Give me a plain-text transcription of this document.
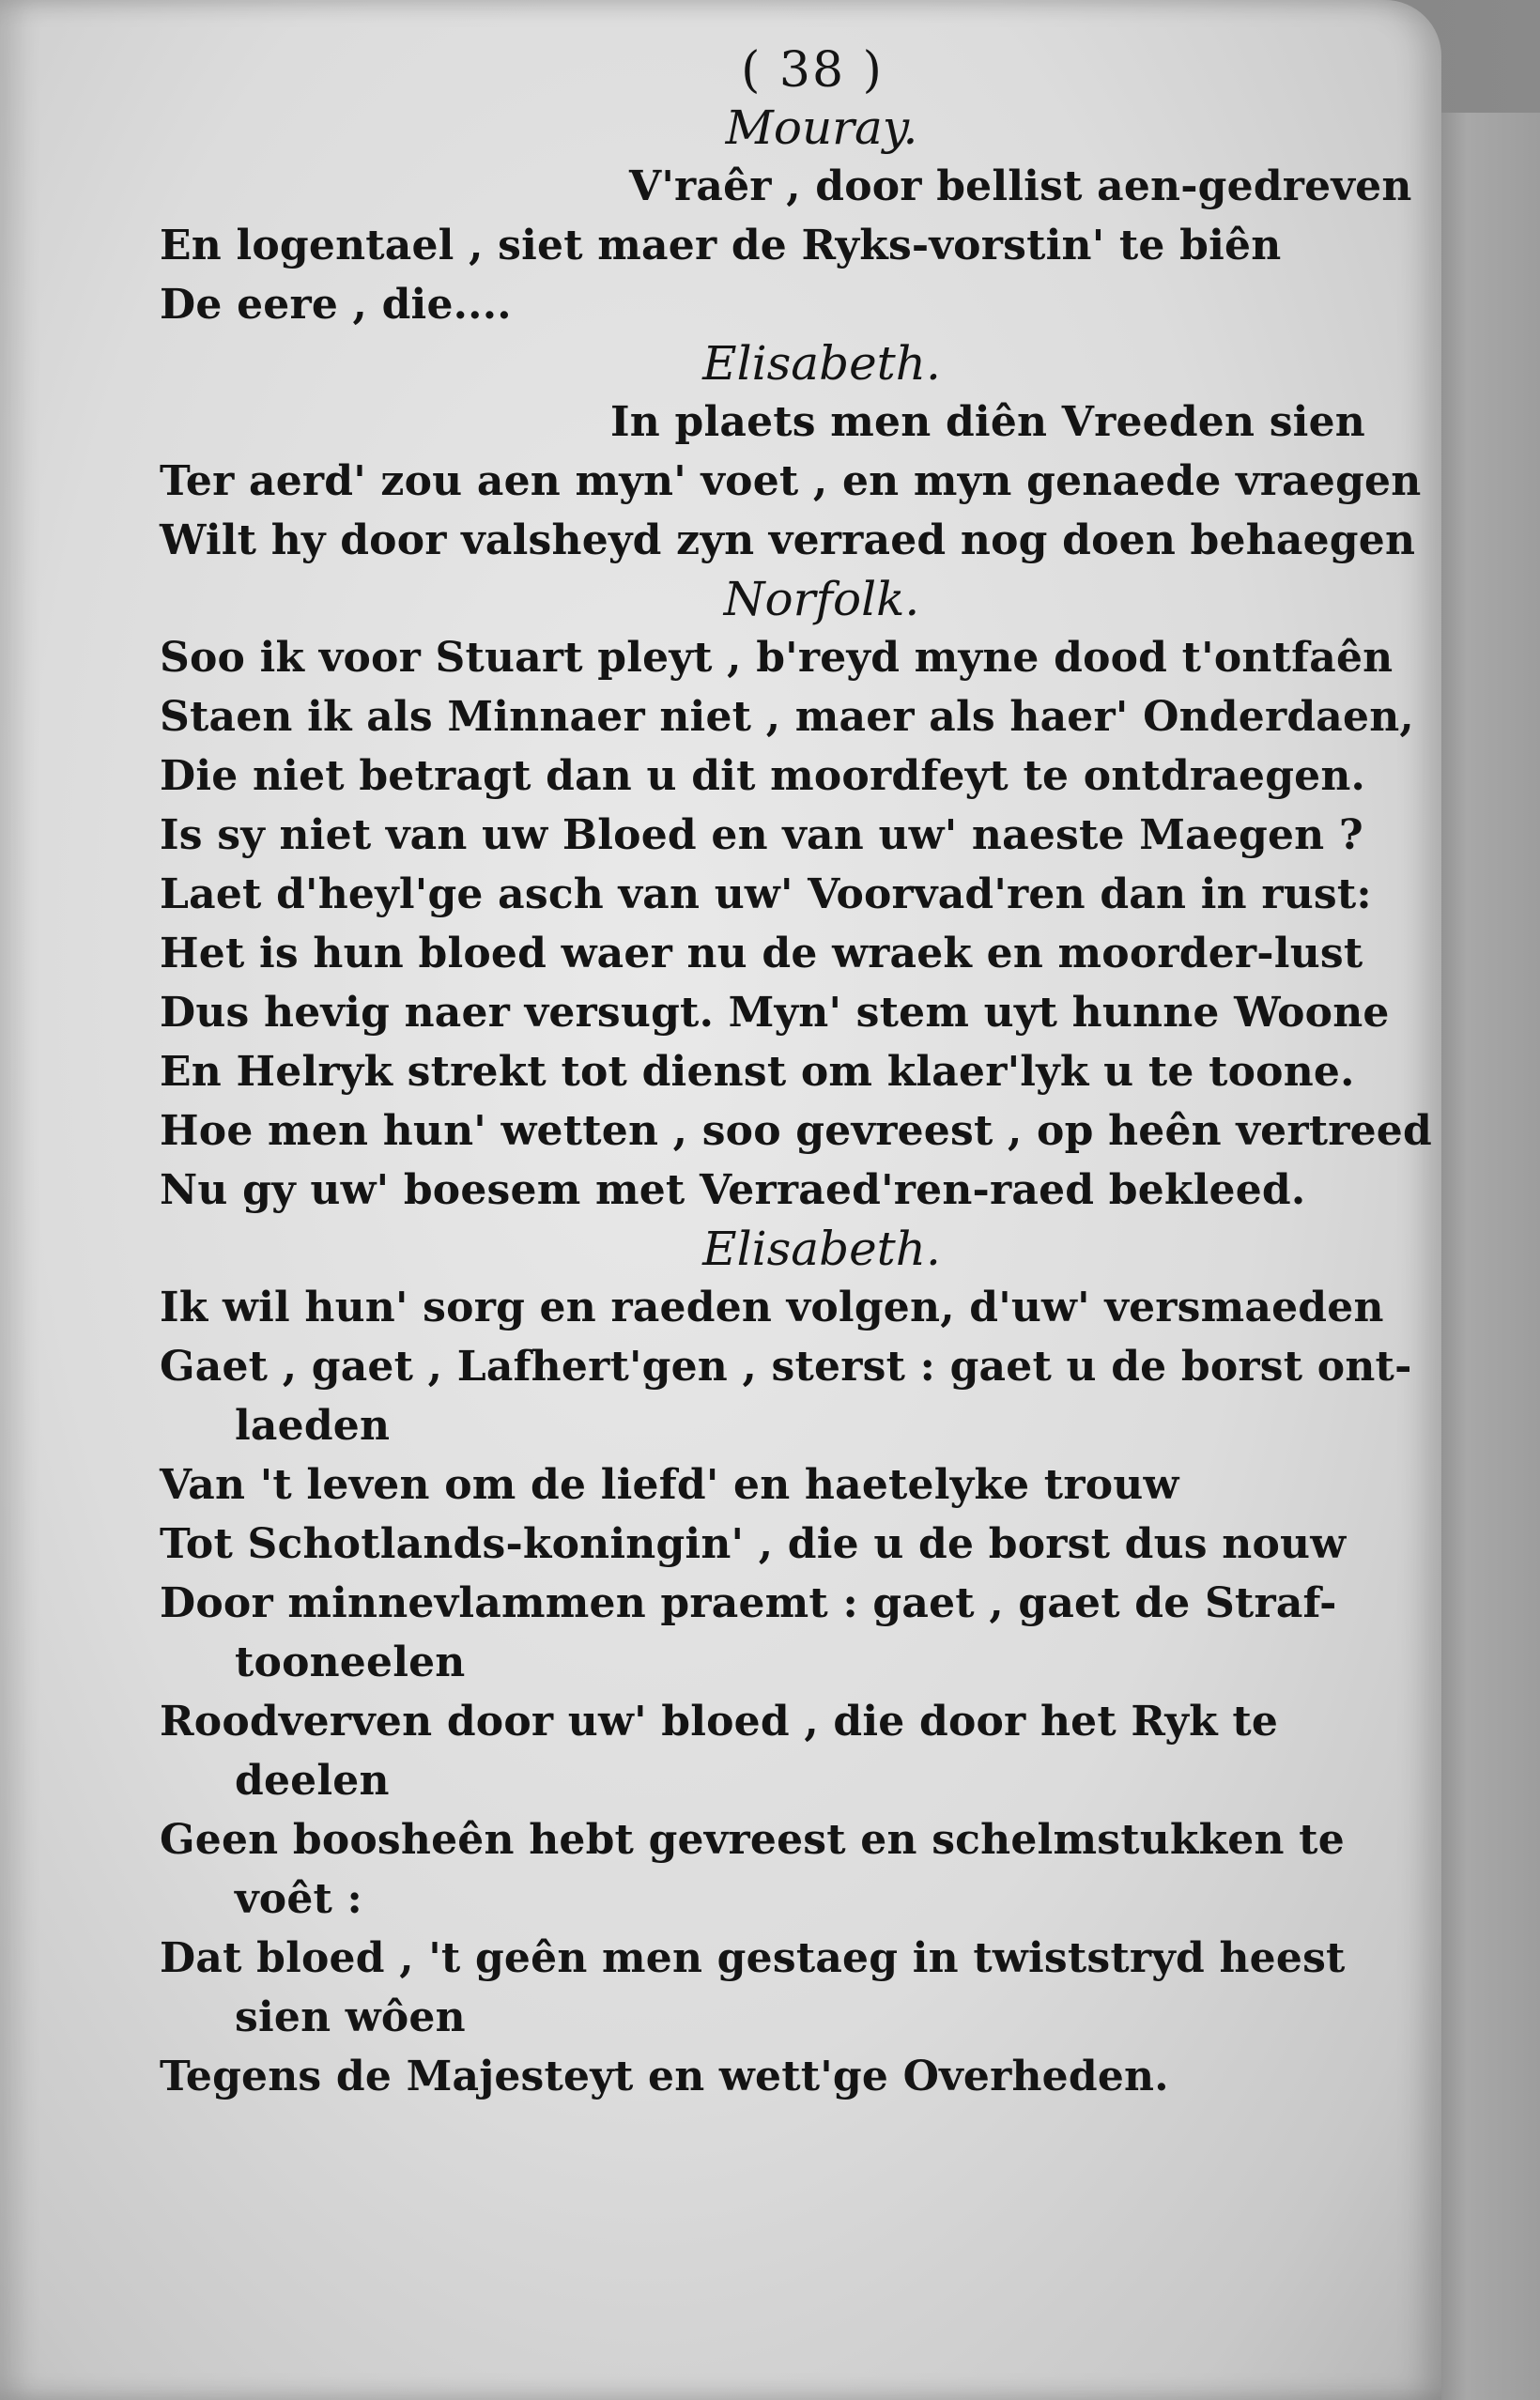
( 38 )
Mouray.
V'raêr , door bellist aen-gedreven
En logentael , siet maer de Ryks-vorstin' te biên
De eere , die....
Elisabeth.
In plaets men diên Vreeden sien
Ter aerd' zou aen myn' voet , en myn genaede vraegen
Wilt hy door valsheyd zyn verraed nog doen behaegen
Norfolk.
Soo ik voor Stuart pleyt , b'reyd myne dood t'ontfaên
Staen ik als Minnaer niet , maer als haer' Onderdaen,
Die niet betragt dan u dit moordfeyt te ontdraegen.
Is sy niet van uw Bloed en van uw' naeste Maegen ?
Laet d'heyl'ge asch van uw' Voorvad'ren dan in rust:
Het is hun bloed waer nu de wraek en moorder-lust
Dus hevig naer versugt. Myn' stem uyt hunne Woone
En Helryk strekt tot dienst om klaer'lyk u te toone.
Hoe men hun' wetten , soo gevreest , op heên vertreed
Nu gy uw' boesem met Verraed'ren-raed bekleed.
Elisabeth.
Ik wil hun' sorg en raeden volgen, d'uw' versmaeden
Gaet , gaet , Lafhert'gen , sterst : gaet u de borst ont-
laeden
Van 't leven om de liefd' en haetelyke trouw
Tot Schotlands-koningin' , die u de borst dus nouw
Door minnevlammen praemt : gaet , gaet de Straf-
tooneelen
Roodverven door uw' bloed , die door het Ryk te
deelen
Geen boosheên hebt gevreest en schelmstukken te
voêt :
Dat bloed , 't geên men gestaeg in twiststryd heest
sien wôen
Tegens de Majesteyt en wett'ge Overheden.
